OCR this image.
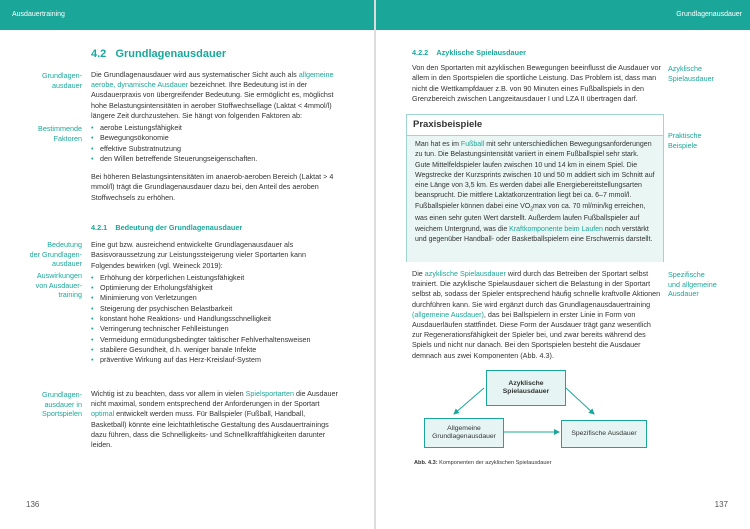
Ausdauertraining
4.2 Grundlagenausdauer
Grundlagen-
ausdauer
Bestimmende
Faktoren
Bedeutung
der Grundlagen-
ausdauer
Auswirkungen
von Ausdauer-
training
Grundlagen-
ausdauer in
Sportspielen

Die Grundlagenausdauer wird aus systematischer Sicht auch als allgemeine aerobe, dynamische Ausdauer bezeichnet. Ihre Bedeutung ist in der Ausdauerpraxis von übergreifender Bedeutung. Sie ermöglicht es, möglichst hohe Belastungsintensitäten in aerober Stoffwechsellage (Laktat < 4mmol/l) längere Zeit durchzustehen. Sie hängt von folgenden Faktoren ab:

• aerobe Leistungsfähigkeit
• Bewegungsökonomie
• effektive Substratnutzung
• den Willen betreffende Steuerungseigenschaften.

Bei höheren Belastungsintensitäten im anaerob-aeroben Bereich (Laktat > 4 mmol/l) trägt die Grundlagenausdauer dazu bei, den Anteil des aeroben Stoffwechsels zu erhöhen.

4.2.1 Bedeutung der Grundlagenausdauer

Eine gut bzw. ausreichend entwickelte Grundlagenausdauer als Basisvoraussetzung zur Leistungssteigerung vieler Sportarten kann Folgendes bewirken (vgl. Weineck 2019):

• Erhöhung der körperlichen Leistungsfähigkeit
• Optimierung der Erholungsfähigkeit
• Minimierung von Verletzungen
• Steigerung der psychischen Belastbarkeit
• konstant hohe Reaktions- und Handlungsschnelligkeit
• Verringerung technischer Fehlleistungen
• Vermeidung ermüdungsbedingter taktischer Fehlverhaltensweisen
• stabilere Gesundheit, d.h. weniger banale Infekte
• präventive Wirkung auf das Herz-Kreislauf-System

Wichtig ist zu beachten, dass vor allem in vielen Spielsportarten die Ausdauer nicht maximal, sondern entsprechend der Anforderungen in der Sportart optimal entwickelt werden muss. Für Ballspieler (Fußball, Handball, Basketball) könnte eine leichtathletische Gestaltung des Ausdauertrainings dazu führen, dass die Schnelligkeits- und Schnellkraftfähigkeiten darunter leiden.

136
Grundlagenausdauer
4.2.2 Azyklische Spielausdauer

Von den Sportarten mit azyklischen Bewegungen beeinflusst die Ausdauer vor allem in den Sportspielen die sportliche Leistung. Das Problem ist, dass man nicht die Wettkampfdauer z.B. von 90 Minuten eines Fußballspiels in den Grenzbereich zwischen Langzeitausdauer I und LZA II übertragen darf.

Azyklische
Spielausdauer
Praktische
Beispiele
Spezifische
und allgemeine
Ausdauer
Praxisbeispiele
Man hat es im Fußball mit sehr unterschiedlichen Bewegungsanforderungen zu tun. Die Belastungsintensität variiert in einem Fußballspiel sehr stark. Gute Mittelfeldspieler laufen zwischen 10 und 14 km in einem Spiel. Die Wegstrecke der Kurzsprints zwischen 10 und 50 m addiert sich im Schnitt auf eine Länge von 3,5 km. Es werden dabei alle Energiebereitstellungsarten beansprucht. Die mittlere Laktatkonzentration liegt bei ca. 6–7 mmol/l. Fußballspieler können dabei eine $VO_2\max$ von ca. 70 ml/min/kg erreichen, was einen sehr guten Wert darstellt. Außerdem laufen Fußballspieler auf weichem Untergrund, was die Kraftkomponente beim Laufen noch verstärkt und gegenüber Handball- oder Basketballspielern eine Erschwernis darstellt.

Die azyklische Spielausdauer wird durch das Betreiben der Sportart selbst trainiert. Die azyklische Spielausdauer sichert die Belastung in der Sportart selbst ab, sodass der Spieler entsprechend häufig schnelle kraftvolle Aktionen durchführen kann. Sie wird ergänzt durch das Grundlagenausdauertraining (allgemeine Ausdauer), das bei Ballspielern in erster Linie in Form von Ausdauerläufen stattfindet. Diese Form der Ausdauer trägt ganz wesentlich zur Regenerationsfähigkeit der Spieler bei, und zwar bereits während des Spiels und nicht nur danach. Bei den Sportspielen besteht die Ausdauer demnach aus zwei Komponenten (Abb. 4.3).

Azyklische
Spielausdauer
Allgemeine
Grundlagenausdauer	Spezifische Ausdauer
Abb. 4.3: Komponenten der azyklischen Spielausdauer
137
